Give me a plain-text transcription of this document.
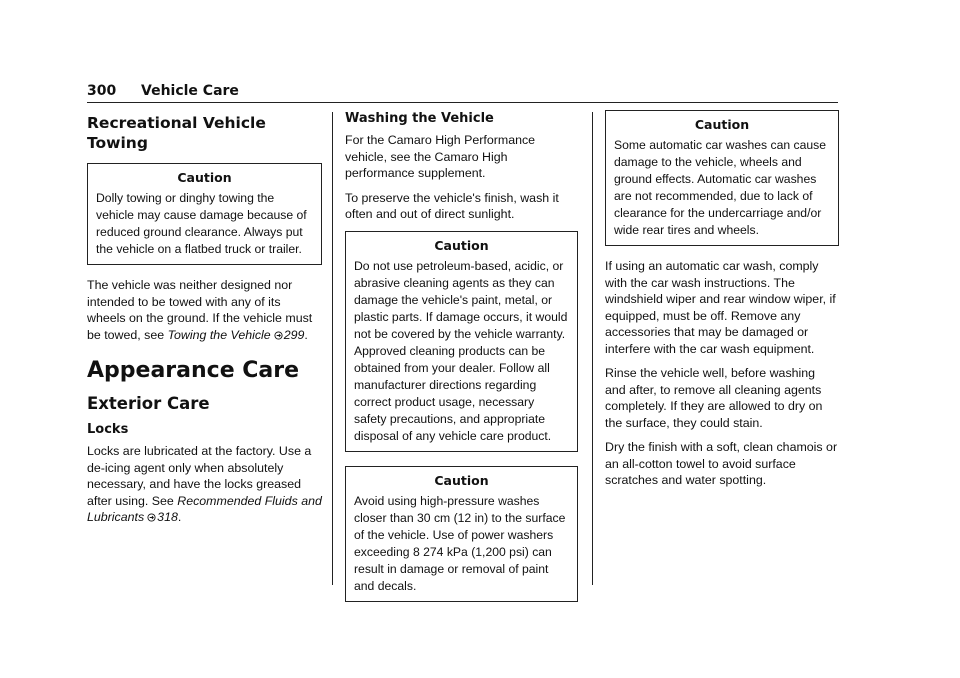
300 Vehicle Care
Recreational Vehicle Towing
Caution

Dolly towing or dinghy towing the vehicle may cause damage because of reduced ground clearance. Always put the vehicle on a flatbed truck or trailer.

The vehicle was neither designed nor intended to be towed with any of its wheels on the ground. If the vehicle must be towed, see Towing the Vehicle 299.

Appearance Care
Exterior Care
Locks

Locks are lubricated at the factory. Use a de-icing agent only when absolutely necessary, and have the locks greased after using. See Recommended Fluids and Lubricants 318.

Washing the Vehicle

For the Camaro High Performance vehicle, see the Camaro High performance supplement.

To preserve the vehicle's finish, wash it often and out of direct sunlight.

Caution

Do not use petroleum-based, acidic, or abrasive cleaning agents as they can damage the vehicle's paint, metal, or plastic parts. If damage occurs, it would not be covered by the vehicle warranty. Approved cleaning products can be obtained from your dealer. Follow all manufacturer directions regarding correct product usage, necessary safety precautions, and appropriate disposal of any vehicle care product.

Caution

Avoid using high-pressure washes closer than 30 cm (12 in) to the surface of the vehicle. Use of power washers exceeding 8 274 kPa (1,200 psi) can result in damage or removal of paint and decals.

Caution

Some automatic car washes can cause damage to the vehicle, wheels and ground effects. Automatic car washes are not recommended, due to lack of clearance for the undercarriage and/or wide rear tires and wheels.

If using an automatic car wash, comply with the car wash instructions. The windshield wiper and rear window wiper, if equipped, must be off. Remove any accessories that may be damaged or interfere with the car wash equipment.

Rinse the vehicle well, before washing and after, to remove all cleaning agents completely. If they are allowed to dry on the surface, they could stain.

Dry the finish with a soft, clean chamois or an all-cotton towel to avoid surface scratches and water spotting.
